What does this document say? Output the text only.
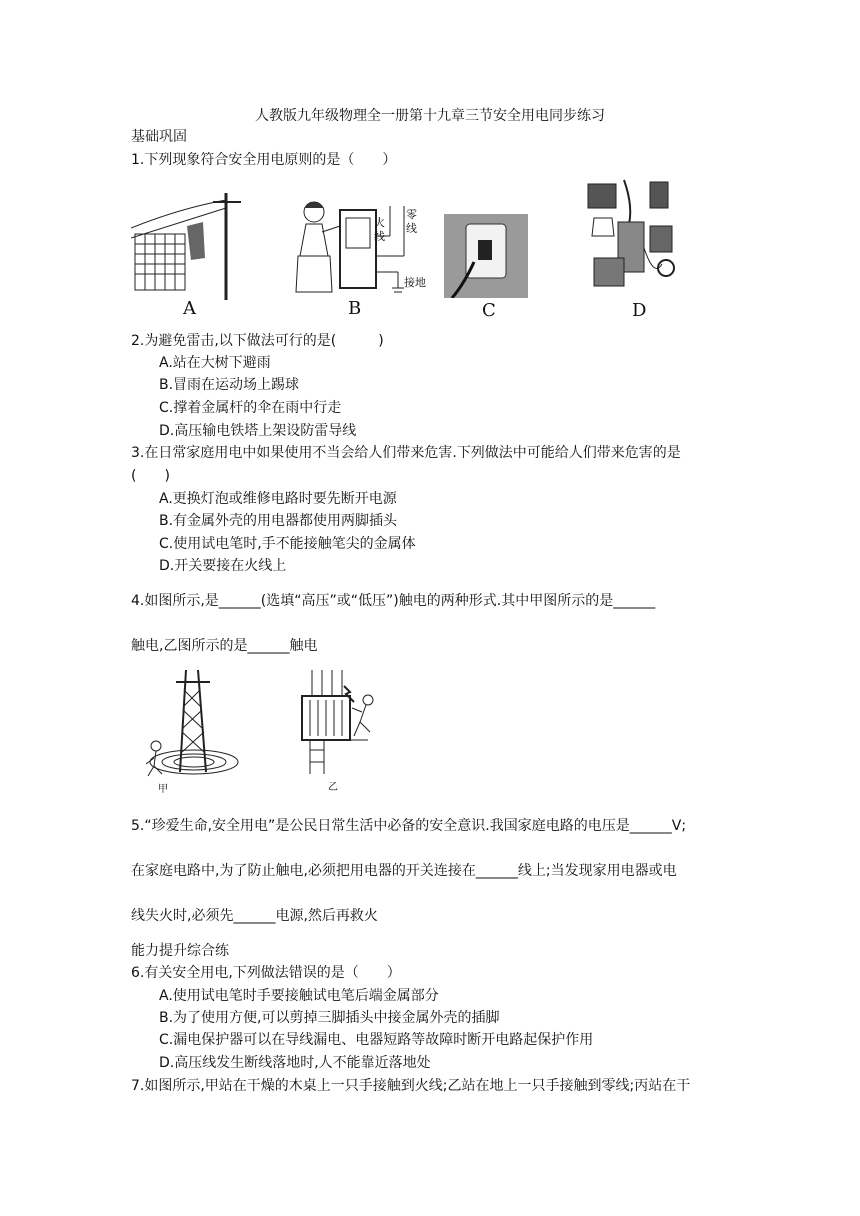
人教版九年级物理全一册第十九章三节安全用电同步练习
基础巩固
1.下列现象符合安全用电原则的是（　　）
A
火
线
零
线
接地
B	C	D
2.为避免雷击,以下做法可行的是(　　　)
A.站在大树下避雨
B.冒雨在运动场上踢球
C.撑着金属杆的伞在雨中行走
D.高压输电铁塔上架设防雷导线
3.在日常家庭用电中如果使用不当会给人们带来危害.下列做法中可能给人们带来危害的是
(　　)
A.更换灯泡或维修电路时要先断开电源
B.有金属外壳的用电器都使用两脚插头
C.使用试电笔时,手不能接触笔尖的金属体
D.开关要接在火线上
4.如图所示,是______(选填“高压”或“低压”)触电的两种形式.其中甲图所示的是______
触电,乙图所示的是______触电
甲	乙
5.“珍爱生命,安全用电”是公民日常生活中必备的安全意识.我国家庭电路的电压是______V;
在家庭电路中,为了防止触电,必须把用电器的开关连接在______线上;当发现家用电器或电
线失火时,必须先______电源,然后再救火
能力提升综合练
6.有关安全用电,下列做法错误的是（　　）
A.使用试电笔时手要接触试电笔后端金属部分
B.为了使用方便,可以剪掉三脚插头中接金属外壳的插脚
C.漏电保护器可以在导线漏电、电器短路等故障时断开电路起保护作用
D.高压线发生断线落地时,人不能靠近落地处
7.如图所示,甲站在干燥的木桌上一只手接触到火线;乙站在地上一只手接触到零线;丙站在干
